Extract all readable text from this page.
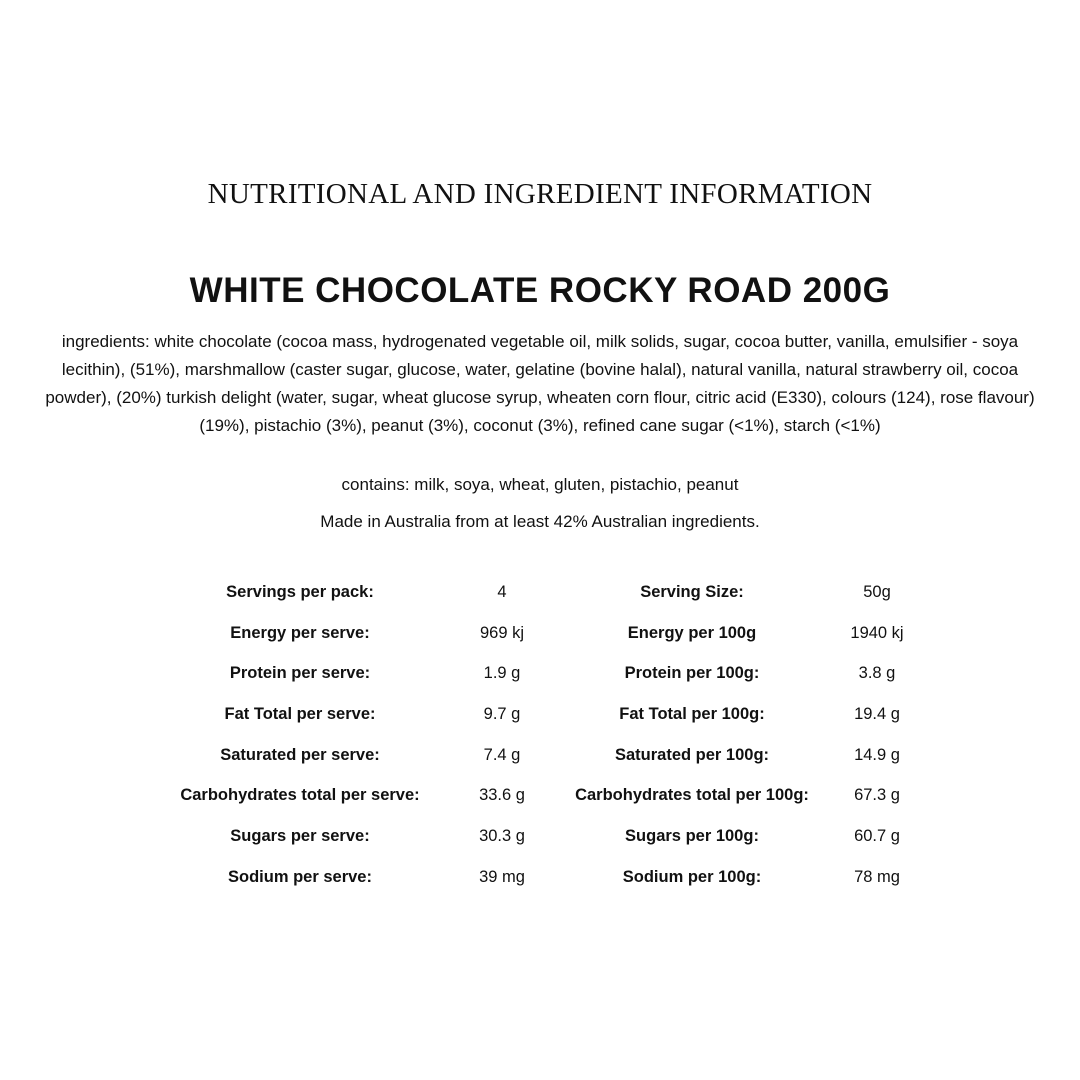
NUTRITIONAL AND INGREDIENT INFORMATION
WHITE CHOCOLATE ROCKY ROAD 200G
ingredients: white chocolate (cocoa mass, hydrogenated vegetable oil, milk solids, sugar, cocoa butter, vanilla, emulsifier - soya lecithin), (51%), marshmallow (caster sugar, glucose, water, gelatine (bovine halal), natural vanilla, natural strawberry oil, cocoa powder), (20%) turkish delight (water, sugar, wheat glucose syrup, wheaten corn flour, citric acid (E330), colours (124), rose flavour) (19%), pistachio (3%), peanut (3%), coconut (3%), refined cane sugar (<1%), starch (<1%)
contains: milk, soya, wheat, gluten, pistachio, peanut
Made in Australia from at least 42% Australian ingredients.
Servings per pack:	4	Serving Size:	50g
Energy per serve:	969 kj	Energy per 100g	1940 kj
Protein per serve:	1.9 g	Protein per 100g:	3.8 g
Fat Total per serve:	9.7 g	Fat Total per 100g:	19.4 g
Saturated per serve:	7.4 g	Saturated per 100g:	14.9 g
Carbohydrates total per serve:	33.6 g	Carbohydrates total per 100g:	67.3 g
Sugars per serve:	30.3 g	Sugars per 100g:	60.7 g
Sodium per serve:	39 mg	Sodium per 100g:	78 mg
